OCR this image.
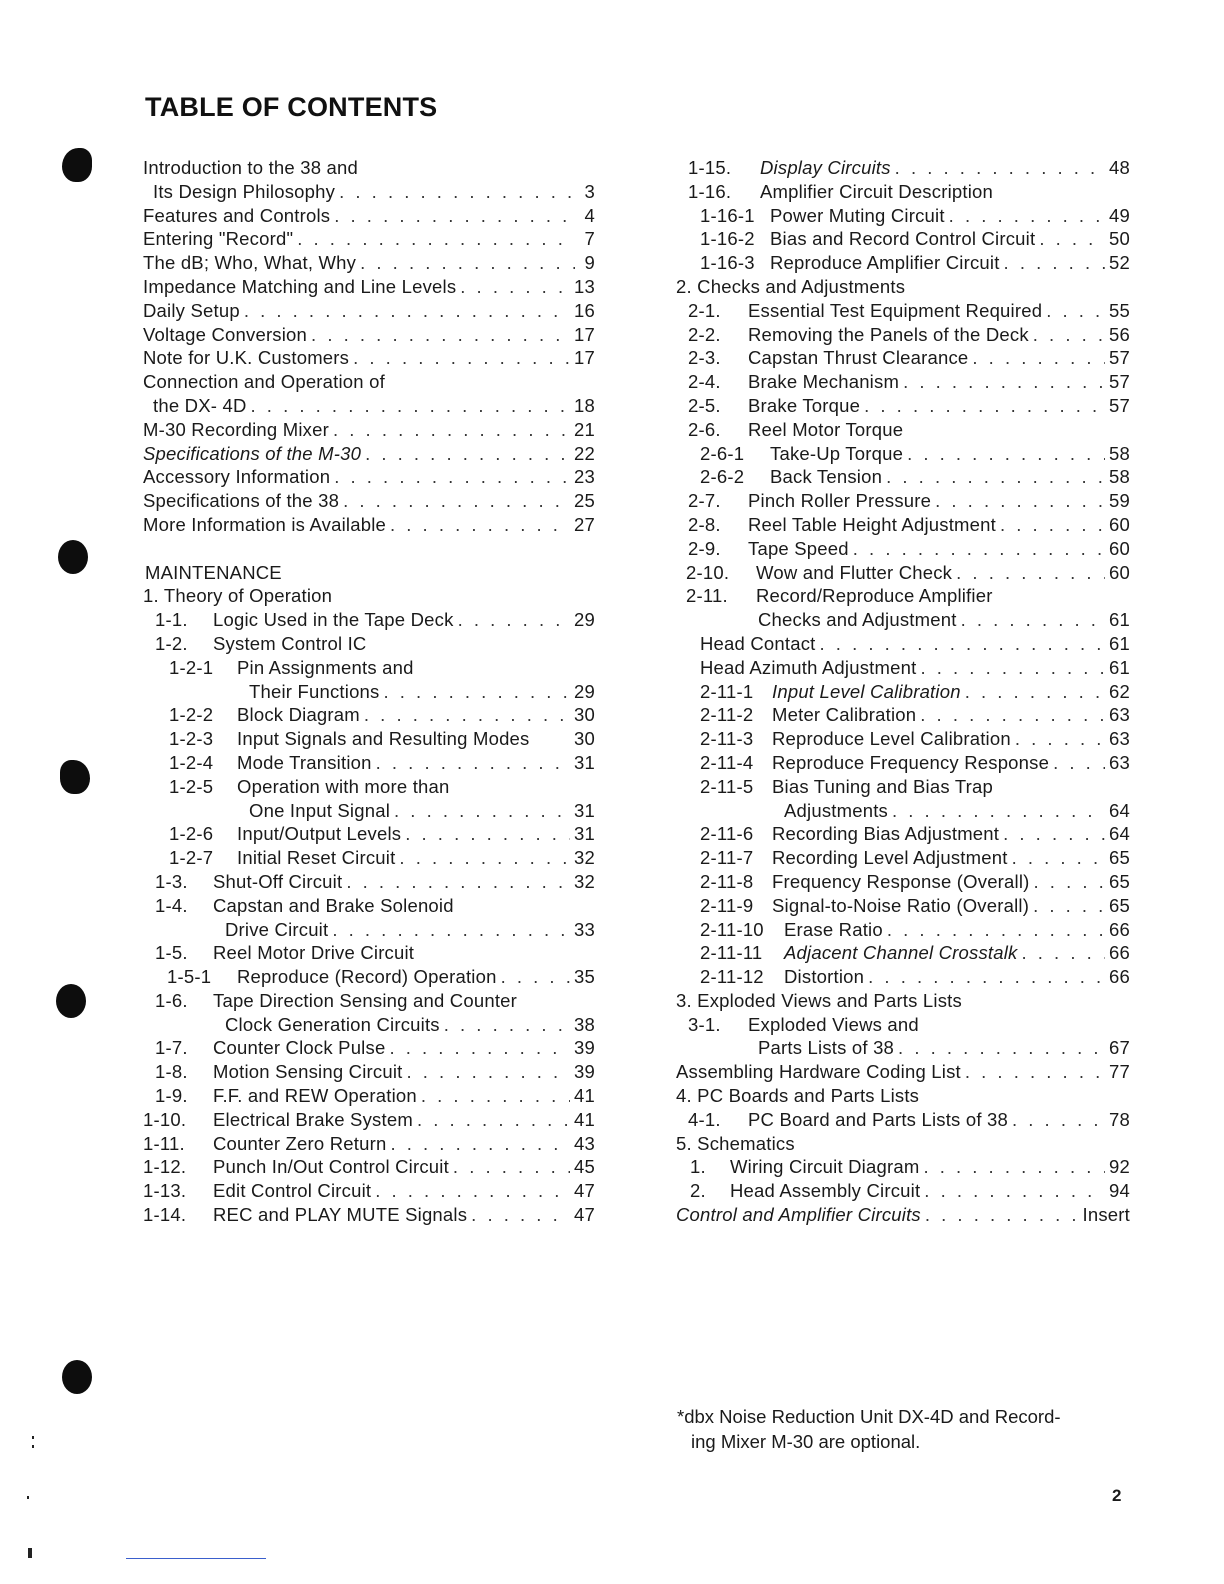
TABLE OF CONTENTS
Introduction to the 38 and
Its Design Philosophy . . .	3
Features and Controls . . .	4
Entering "Record" . . .	7
The dB; Who, What, Why . . .	9
Impedance Matching and Line Levels . . .	13
Daily Setup . . .	16
Voltage Conversion . . .	17
Note for U.K. Customers . . .	17
Connection and Operation of
the DX- 4D . . .	18
M-30 Recording Mixer . . .	21
Specifications of the M-30 . . .	22
Accessory Information . . .	23
Specifications of the 38 . . .	25
More Information is Available . . .	27
MAINTENANCE
1. Theory of Operation
1-1.	Logic Used in the Tape Deck . . .	29
1-2.	System Control IC
1-2-1	Pin Assignments and
Their Functions . . .	29
1-2-2	Block Diagram . . .	30
1-2-3	Input Signals and Resulting Modes 30
1-2-4	Mode Transition . . .	31
1-2-5	Operation with more than
One Input Signal . . .	31
1-2-6	Input/Output Levels . . .	31
1-2-7	Initial Reset Circuit . . .	32
1-3.	Shut-Off Circuit . . .	32
1-4.	Capstan and Brake Solenoid
Drive Circuit . . .	33
1-5.	Reel Motor Drive Circuit
1-5-1	Reproduce (Record) Operation . . .	35
1-6.	Tape Direction Sensing and Counter
Clock Generation Circuits . . .	38
1-7.	Counter Clock Pulse . . .	39
1-8.	Motion Sensing Circuit . . .	39
1-9.	F.F. and REW Operation . . .	41
1-10.	Electrical Brake System . . .	41
1-11.	Counter Zero Return . . .	43
1-12.	Punch In/Out Control Circuit . . .	45
1-13.	Edit Control Circuit . . .	47
1-14.	REC and PLAY MUTE Signals . . .	47
1-15.	Display Circuits . . .	48
1-16.	Amplifier Circuit Description
1-16-1 Power Muting Circuit . . .	49
1-16-2 Bias and Record Control Circuit . . .	50
1-16-3 Reproduce Amplifier Circuit . . .	52
2. Checks and Adjustments
2-1.	Essential Test Equipment Required . . .	55
2-2.	Removing the Panels of the Deck . . .	56
2-3.	Capstan Thrust Clearance . . .	57
2-4.	Brake Mechanism . . .	57
2-5.	Brake Torque . . .	57
2-6.	Reel Motor Torque
2-6-1	Take-Up Torque . . .	58
2-6-2	Back Tension . . .	58
2-7.	Pinch Roller Pressure . . .	59
2-8.	Reel Table Height Adjustment . . .	60
2-9.	Tape Speed . . .	60
2-10.	Wow and Flutter Check . . .	60
2-11.	Record/Reproduce Amplifier
Checks and Adjustment . . .	61
Head Contact . . .	61
Head Azimuth Adjustment . . .	61
2-11-1	Input Level Calibration . . .	62
2-11-2	Meter Calibration . . .	63
2-11-3	Reproduce Level Calibration . . .	63
2-11-4	Reproduce Frequency Response . . .	63
2-11-5	Bias Tuning and Bias Trap
Adjustments . . .	64
2-11-6	Recording Bias Adjustment . . .	64
2-11-7	Recording Level Adjustment . . .	65
2-11-8	Frequency Response (Overall) . . .	65
2-11-9	Signal-to-Noise Ratio (Overall) . . .	65
2-11-10	Erase Ratio . . .	66
2-11-11	Adjacent Channel Crosstalk . . .	66
2-11-12	Distortion . . .	66
3. Exploded Views and Parts Lists
3-1.	Exploded Views and
Parts Lists of 38 . . .	67
Assembling Hardware Coding List . . .	77
4. PC Boards and Parts Lists
4-1.	PC Board and Parts Lists of 38 . . .	78
5. Schematics
1.	Wiring Circuit Diagram . . .	92
2.	Head Assembly Circuit . . .	94
Control and Amplifier Circuits . . .	Insert
*dbx Noise Reduction Unit DX-4D and Record-
ing Mixer M-30 are optional.
2
